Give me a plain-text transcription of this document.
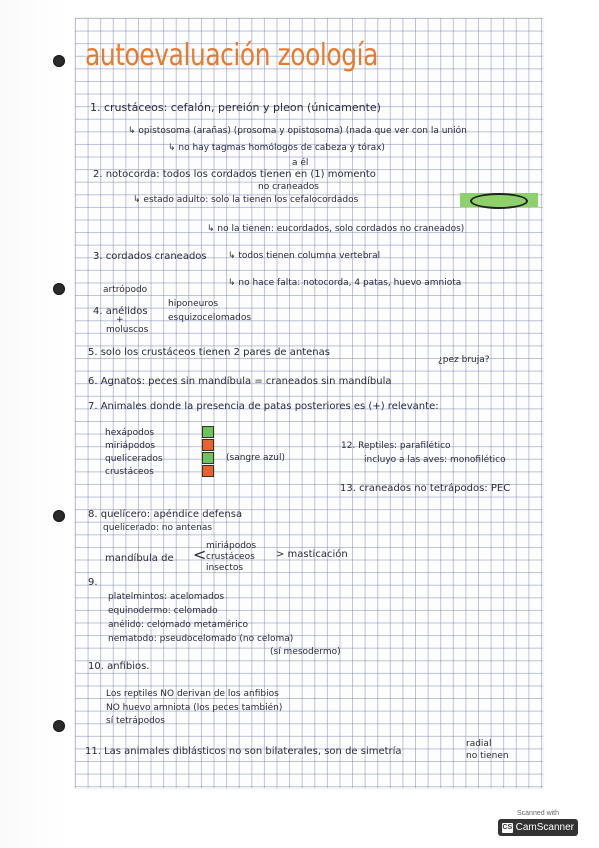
autoevaluación zoología
1. crustáceos: cefalón, pereión y pleon (únicamente)
↳ opistosoma (arañas) (prosoma y opistosoma) (nada que ver con la unión
↳ no hay tagmas homólogos de cabeza y tórax)
a él
2. notocorda: todos los cordados tienen en (1) momento
no craneados
↳ estado adulto: solo la tienen los cefalocordados
↳ no la tienen: eucordados, solo cordados no craneados)
3. cordados craneados ↳ todos tienen columna vertebral
↳ no hace falta: notocorda, 4 patas, huevo amniota
artrópodo
4. anélidos
hiponeuros
esquizocelomados
+
moluscos
5. solo los crustáceos tienen 2 pares de antenas
¿pez bruja?
6. Agnatos: peces sin mandíbula = craneados sin mandíbula
7. Animales donde la presencia de patas posteriores es (+) relevante:
hexápodos
miriápodos
quelicerados
crustáceos
(sangre azul)
12. Reptiles: parafilético
incluyo a las aves: monofilético
13. craneados no tetrápodos: PEC
8. quelícero: apéndice defensa
quelicerado: no antenas
mandíbula de < miriápodos
crustáceos
insectos
> masticación
9.
platelmintos: acelomados
equinodermo: celomado
anélido: celomado metamérico
nematodo: pseudocelomado (no celoma)
(sí mesodermo)
10. anfibios.
Los reptiles NO derivan de los anfibios
NO huevo amniota (los peces también)
sí tetrápodos
11. Las animales diblásticos no son bilaterales, son de simetría
radial
no tienen
Scanned with
CS CamScanner
